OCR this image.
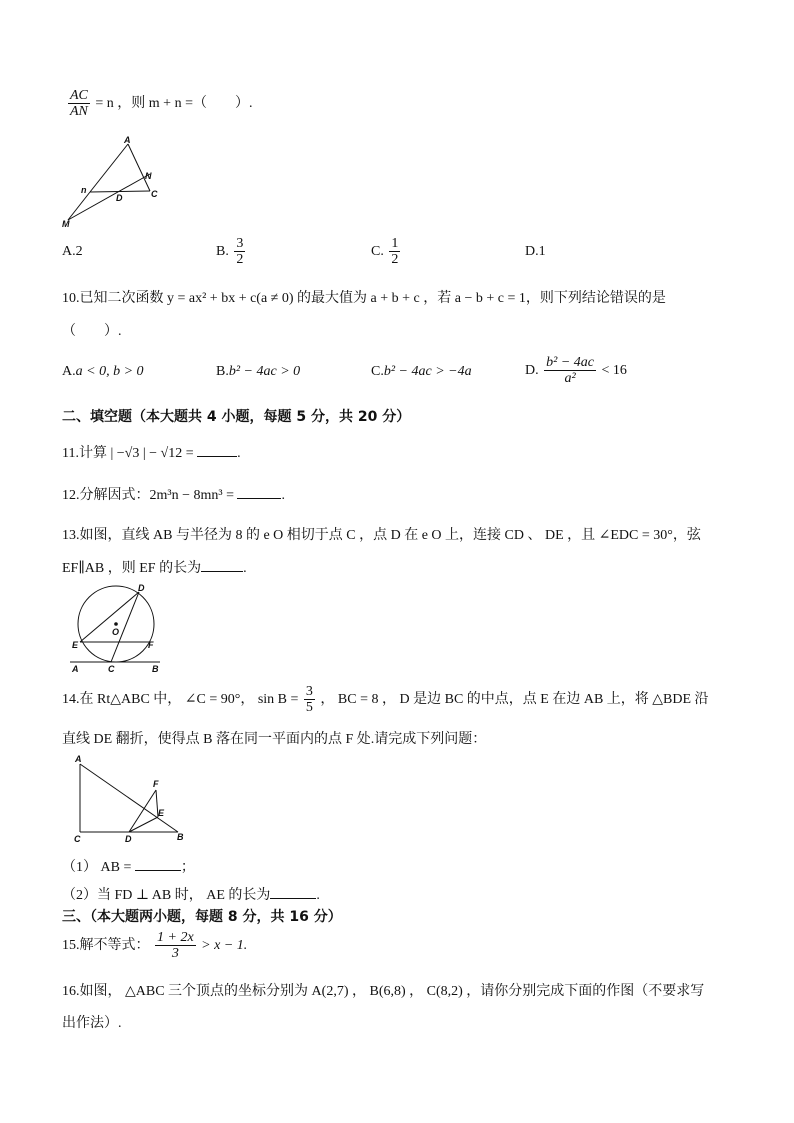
$\frac{AC}{AN} = n$ ，则 m + n =（　　）.
A
N
n
D	C
M
A.2	B. $\frac{3}{2}$	C. $\frac{1}{2}$	D.1
10.已知二次函数 y = ax² + bx + c(a ≠ 0) 的最大值为 a + b + c ，若 a − b + c = 1，则下列结论错误的是
（　　）.
A.a < 0, b > 0	B.b² − 4ac > 0	C.b² − 4ac > −4a	D. $\frac{\text{b² − 4ac}}{\text{a²}} < 16$
二、填空题（本大题共 4 小题，每题 5 分，共 20 分）
11.计算 | −√3 | − √12 =	.
12.分解因式：2m³n − 8mn³ =	.
13.如图，直线 AB 与半径为 8 的 e O 相切于点 C ，点 D 在 e O 上，连接 CD 、 DE ，且 ∠EDC = 30°，弦
EF∥AB ，则 EF 的长为	.
D
O
E	F
A	C	B
14.在 Rt△ABC 中， ∠C = 90°， $\sin B = \frac{3}{5}$ ， BC = 8 ， D 是边 BC 的中点，点 E 在边 AB 上，将 △BDE 沿
直线 DE 翻折，使得点 B 落在同一平面内的点 F 处.请完成下列问题：
A
F
E
C	D	B
（1） AB =	；
（2）当 FD ⊥ AB 时， AE 的长为	.
三、（本大题两小题，每题 8 分，共 16 分）
15.解不等式： $\frac{1 + 2x}{3} > x - 1$.
16.如图， △ABC 三个顶点的坐标分别为 A(2,7) ， B(6,8) ， C(8,2) ，请你分别完成下面的作图（不要求写
出作法）.
